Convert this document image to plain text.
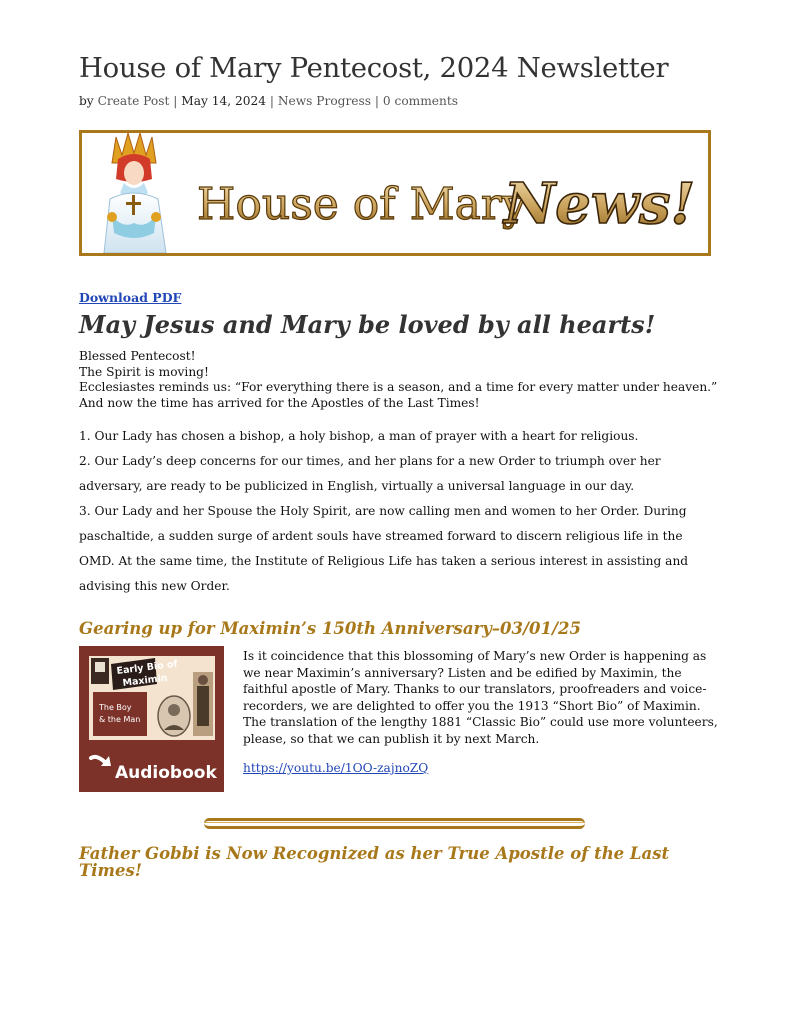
House of Mary Pentecost, 2024 Newsletter
by Create Post | May 14, 2024 | News Progress | 0 comments
House of Mary
News!
Download PDF
May Jesus and Mary be loved by all hearts!
Blessed Pentecost!
The Spirit is moving!
Ecclesiastes reminds us: “For everything there is a season, and a time for every matter under heaven.”
And now the time has arrived for the Apostles of the Last Times!

1. Our Lady has chosen a bishop, a holy bishop, a man of prayer with a heart for religious.

2. Our Lady’s deep concerns for our times, and her plans for a new Order to triumph over her adversary, are ready to be publicized in English, virtually a universal language in our day.

3. Our Lady and her Spouse the Holy Spirit, are now calling men and women to her Order. During paschaltide, a sudden surge of ardent souls have streamed forward to discern religious life in the OMD. At the same time, the Institute of Religious Life has taken a serious interest in assisting and advising this new Order.

Gearing up for Maximin’s 150th Anniversary–03/01/25
Early Bio of
Maximin
The Boy
& the Man
Audiobook

Is it coincidence that this blossoming of Mary’s new Order is happening as we near Maximin’s anniversary? Listen and be edified by Maximin, the faithful apostle of Mary. Thanks to our translators, proofreaders and voice-recorders, we are delighted to offer you the 1913 “Short Bio” of Maximin. The translation of the lengthy 1881 “Classic Bio” could use more volunteers, please, so that we can publish it by next March.

https://youtu.be/1OO-zajnoZQ
Father Gobbi is Now Recognized as her True Apostle of the Last Times!
